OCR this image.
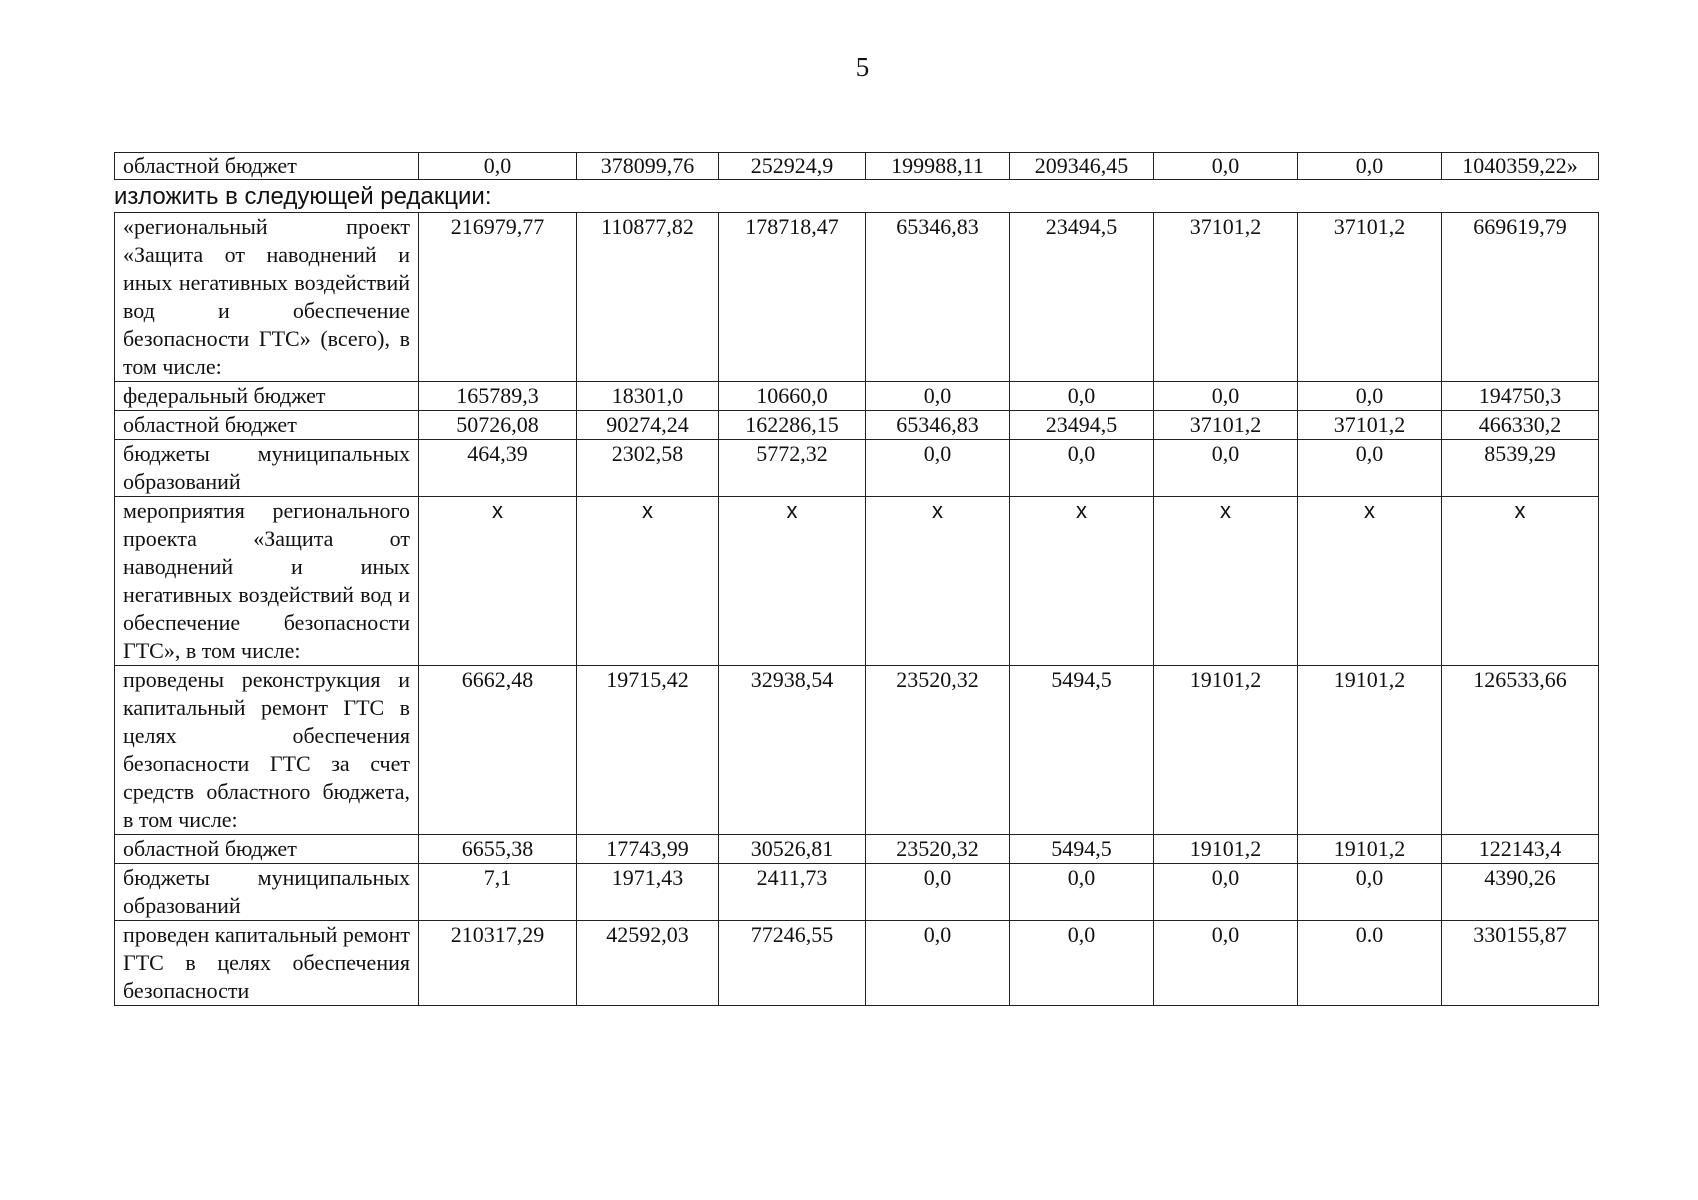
5
областной бюджет	0,0	378099,76	252924,9	199988,11	209346,45	0,0	0,0	1040359,22»
изложить в следующей редакции:
«региональный проект «Защита от наводнений и иных негативных воздействий вод и обеспечение безопасности ГТС» (всего), в том числе:	216979,77	110877,82	178718,47	65346,83	23494,5	37101,2	37101,2	669619,79
федеральный бюджет	165789,3	18301,0	10660,0	0,0	0,0	0,0	0,0	194750,3
областной бюджет	50726,08	90274,24	162286,15	65346,83	23494,5	37101,2	37101,2	466330,2
бюджеты муниципальных образований	464,39	2302,58	5772,32	0,0	0,0	0,0	0,0	8539,29
мероприятия регионального проекта «Защита от наводнений и иных негативных воздействий вод и обеспечение безопасности ГТС», в том числе:	х	х	х	х	х	х	х	х
проведены реконструкция и капитальный ремонт ГТС в целях обеспечения безопасности ГТС за счет средств областного бюджета, в том числе:	6662,48	19715,42	32938,54	23520,32	5494,5	19101,2	19101,2	126533,66
областной бюджет	6655,38	17743,99	30526,81	23520,32	5494,5	19101,2	19101,2	122143,4
бюджеты муниципальных образований	7,1	1971,43	2411,73	0,0	0,0	0,0	0,0	4390,26
проведен капитальный ремонт ГТС в целях обеспечения безопасности	210317,29	42592,03	77246,55	0,0	0,0	0,0	0.0	330155,87
